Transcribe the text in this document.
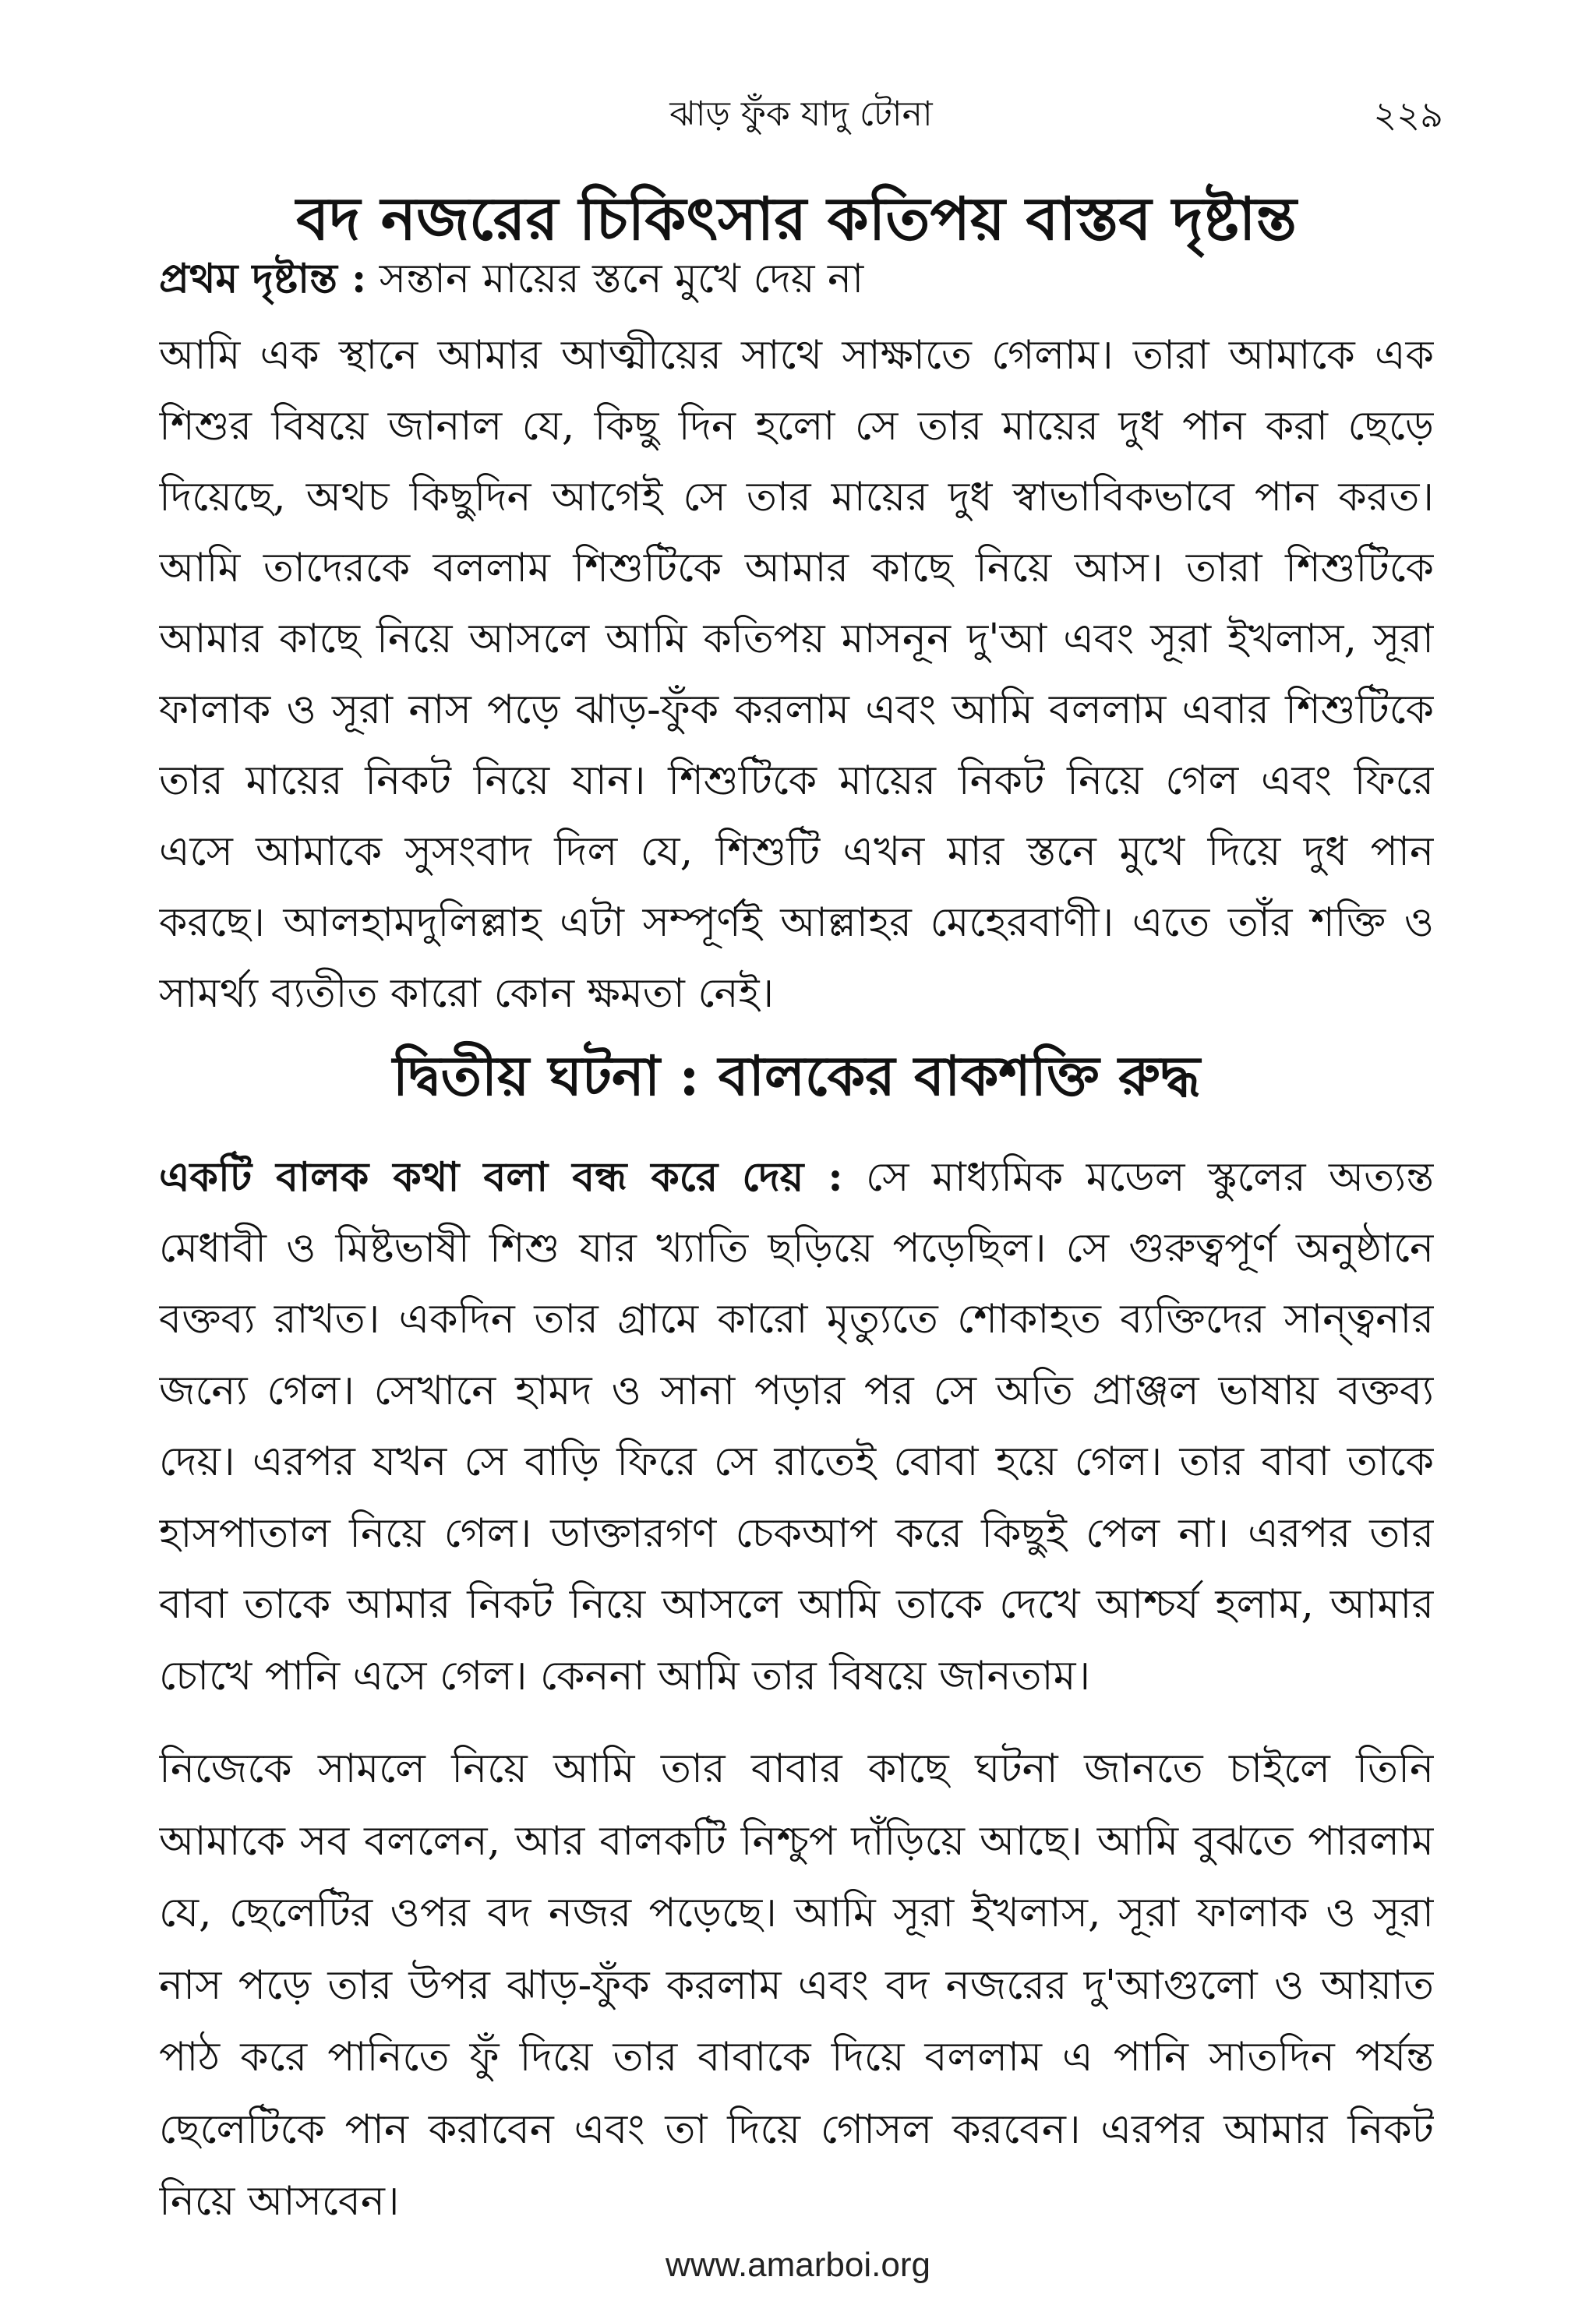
ঝাড় ফুঁক যাদু টোনা	২২৯
বদ নজরের চিকিৎসার কতিপয় বাস্তব দৃষ্টান্ত
প্রথম দৃষ্টান্ত : সন্তান মায়ের স্তনে মুখে দেয় না
আমি এক স্থানে আমার আত্মীয়ের সাথে সাক্ষাতে গেলাম। তারা আমাকে এক
শিশুর বিষয়ে জানাল যে, কিছু দিন হলো সে তার মায়ের দুধ পান করা ছেড়ে
দিয়েছে, অথচ কিছুদিন আগেই সে তার মায়ের দুধ স্বাভাবিকভাবে পান করত।
আমি তাদেরকে বললাম শিশুটিকে আমার কাছে নিয়ে আস। তারা শিশুটিকে
আমার কাছে নিয়ে আসলে আমি কতিপয় মাসনূন দু'আ এবং সূরা ইখলাস, সূরা
ফালাক ও সূরা নাস পড়ে ঝাড়-ফুঁক করলাম এবং আমি বললাম এবার শিশুটিকে
তার মায়ের নিকট নিয়ে যান। শিশুটিকে মায়ের নিকট নিয়ে গেল এবং ফিরে
এসে আমাকে সুসংবাদ দিল যে, শিশুটি এখন মার স্তনে মুখে দিয়ে দুধ পান
করছে। আলহামদুলিল্লাহ এটা সম্পূর্ণই আল্লাহর মেহেরবাণী। এতে তাঁর শক্তি ও
সামর্থ্য ব্যতীত কারো কোন ক্ষমতা নেই।
দ্বিতীয় ঘটনা : বালকের বাকশক্তি রুদ্ধ
একটি বালক কথা বলা বন্ধ করে দেয় : সে মাধ্যমিক মডেল স্কুলের অত্যন্ত
মেধাবী ও মিষ্টভাষী শিশু যার খ্যাতি ছড়িয়ে পড়েছিল। সে গুরুত্বপূর্ণ অনুষ্ঠানে
বক্তব্য রাখত। একদিন তার গ্রামে কারো মৃত্যুতে শোকাহত ব্যক্তিদের সান্ত্বনার
জন্যে গেল। সেখানে হামদ ও সানা পড়ার পর সে অতি প্রাঞ্জল ভাষায় বক্তব্য
দেয়। এরপর যখন সে বাড়ি ফিরে সে রাতেই বোবা হয়ে গেল। তার বাবা তাকে
হাসপাতাল নিয়ে গেল। ডাক্তারগণ চেকআপ করে কিছুই পেল না। এরপর তার
বাবা তাকে আমার নিকট নিয়ে আসলে আমি তাকে দেখে আশ্চর্য হলাম, আমার
চোখে পানি এসে গেল। কেননা আমি তার বিষয়ে জানতাম।
নিজেকে সামলে নিয়ে আমি তার বাবার কাছে ঘটনা জানতে চাইলে তিনি
আমাকে সব বললেন, আর বালকটি নিশ্চুপ দাঁড়িয়ে আছে। আমি বুঝতে পারলাম
যে, ছেলেটির ওপর বদ নজর পড়েছে। আমি সূরা ইখলাস, সূরা ফালাক ও সূরা
নাস পড়ে তার উপর ঝাড়-ফুঁক করলাম এবং বদ নজরের দু'আগুলো ও আয়াত
পাঠ করে পানিতে ফুঁ দিয়ে তার বাবাকে দিয়ে বললাম এ পানি সাতদিন পর্যন্ত
ছেলেটিকে পান করাবেন এবং তা দিয়ে গোসল করবেন। এরপর আমার নিকট
নিয়ে আসবেন।
www.amarboi.org
